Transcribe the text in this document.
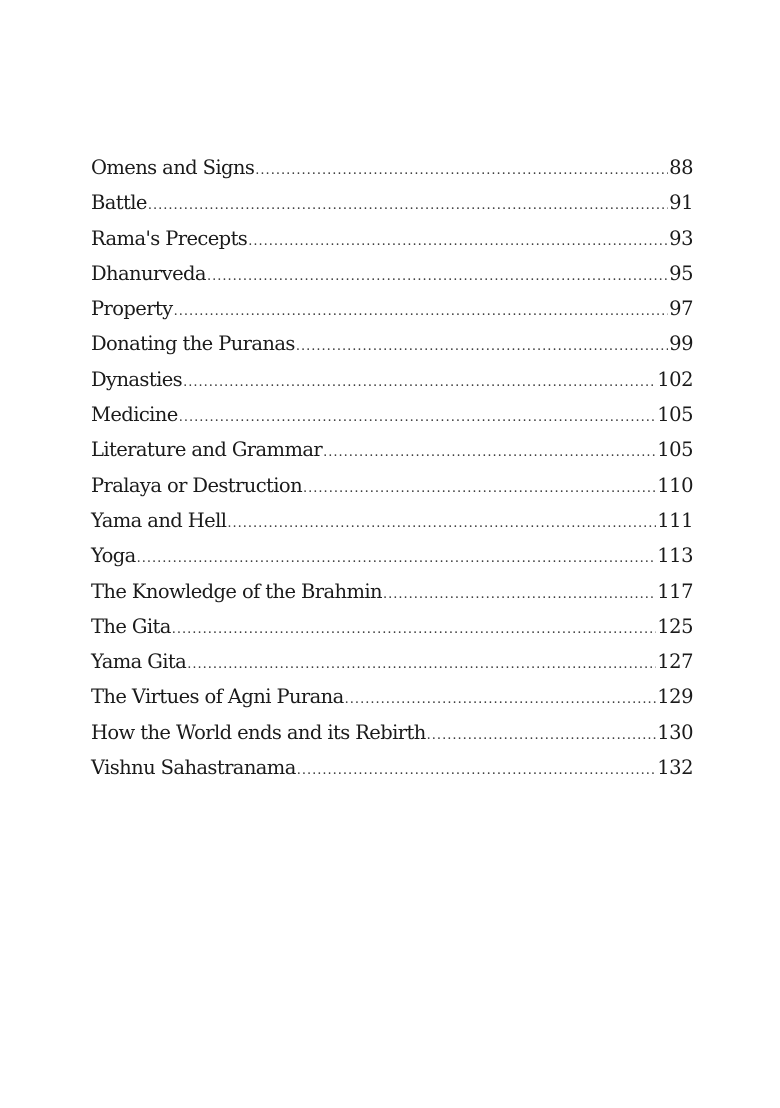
Omens and Signs .....	88
Battle .....	91
Rama's Precepts .....	93
Dhanurveda .....	95
Property .....	97
Donating the Puranas .....	99
Dynasties .....	102
Medicine .....	105
Literature and Grammar .....	105
Pralaya or Destruction .....	110
Yama and Hell .....	111
Yoga .....	113
The Knowledge of the Brahmin .....	117
The Gita .....	125
Yama Gita .....	127
The Virtues of Agni Purana .....	129
How the World ends and its Rebirth .....	130
Vishnu Sahastranama .....	132
